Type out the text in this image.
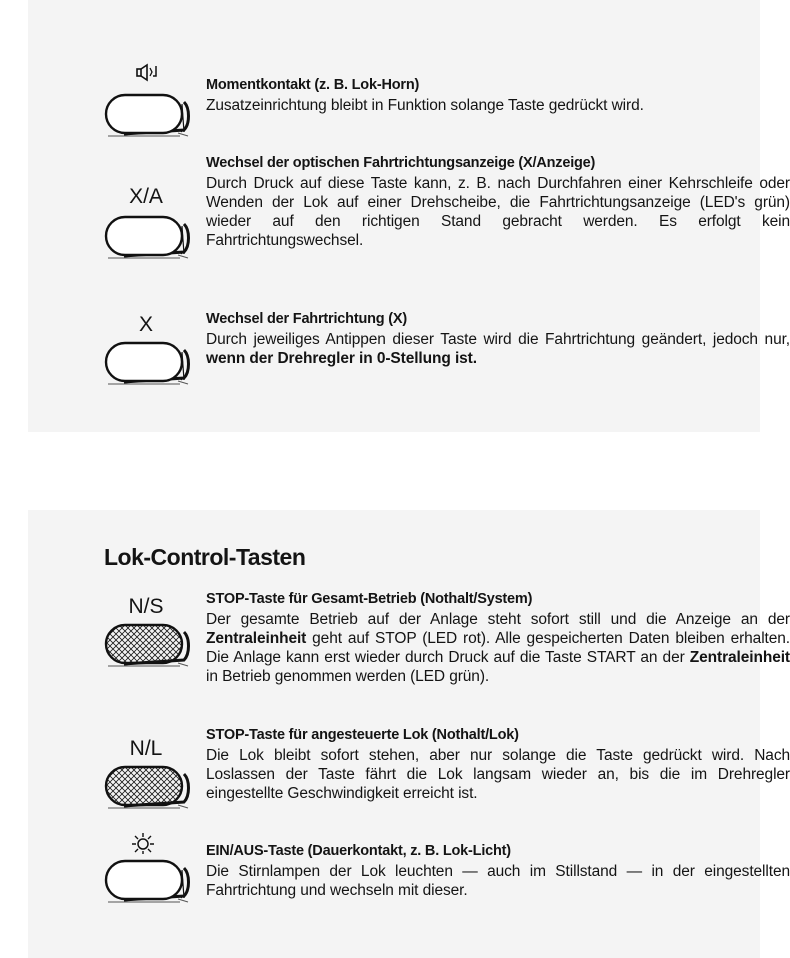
Momentkontakt (z. B. Lok-Horn)

Zusatzeinrichtung bleibt in Funktion solange Taste gedrückt wird.

X/A

Wechsel der optischen Fahrtrichtungsanzeige (X/Anzeige)

Durch Druck auf diese Taste kann, z. B. nach Durchfahren einer Kehrschleife oder Wenden der Lok auf einer Drehscheibe, die Fahrtrichtungsanzeige (LED's grün) wieder auf den richtigen Stand gebracht werden. Es erfolgt kein Fahrtrichtungswechsel.

X	Wechsel der Fahrtrichtung (X)

Durch jeweiliges Antippen dieser Taste wird die Fahrtrichtung geändert, jedoch nur, wenn der Drehregler in 0-Stellung ist.

Lok-Control-Tasten
N/S	STOP-Taste für Gesamt-Betrieb (Nothalt/System)

Der gesamte Betrieb auf der Anlage steht sofort still und die Anzeige an der Zentraleinheit geht auf STOP (LED rot). Alle gespeicherten Daten bleiben erhalten. Die Anlage kann erst wieder durch Druck auf die Taste START an der Zentraleinheit in Betrieb genommen werden (LED grün).

N/L

STOP-Taste für angesteuerte Lok (Nothalt/Lok)

Die Lok bleibt sofort stehen, aber nur solange die Taste gedrückt wird. Nach Loslassen der Taste fährt die Lok langsam wieder an, bis die im Drehregler eingestellte Geschwindigkeit erreicht ist.

EIN/AUS-Taste (Dauerkontakt, z. B. Lok-Licht)

Die Stirnlampen der Lok leuchten — auch im Stillstand — in der eingestellten Fahrtrichtung und wechseln mit dieser.
